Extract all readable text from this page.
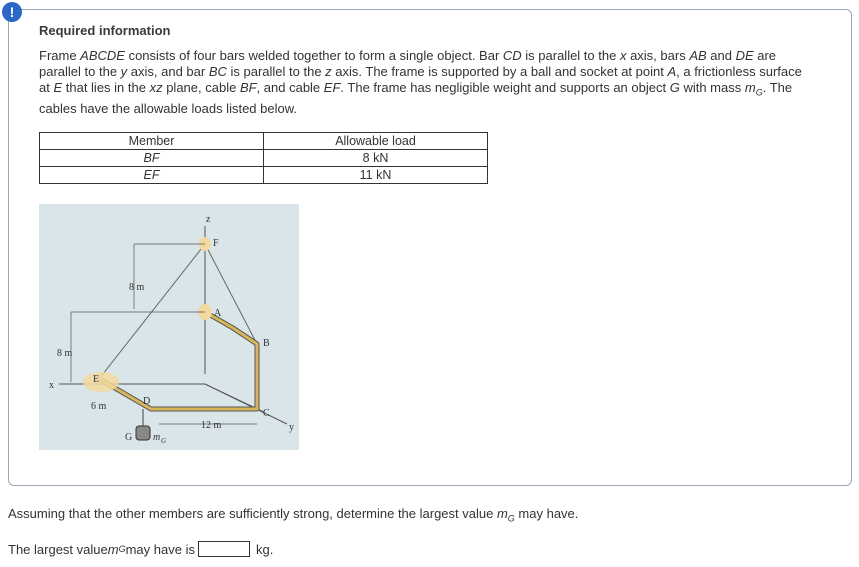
!
Required information

Frame ABCDE consists of four bars welded together to form a single object. Bar CD is parallel to the x axis, bars AB and DE are parallel to the y axis, and bar BC is parallel to the z axis. The frame is supported by a ball and socket at point A, a frictionless surface at E that lies in the xz plane, cable BF, and cable EF. The frame has negligible weight and supports an object G with mass $m_G$. The cables have the allowable loads listed below.

Member	Allowable load
BF	8 kN
EF	11 kN
z
F
A
B
C
D
E
x
y
G
8 m
8 m
6 m
12 m
m G

Assuming that the other members are sufficiently strong, determine the largest value $m_G$ may have.

The largest value m G may have is	kg.
